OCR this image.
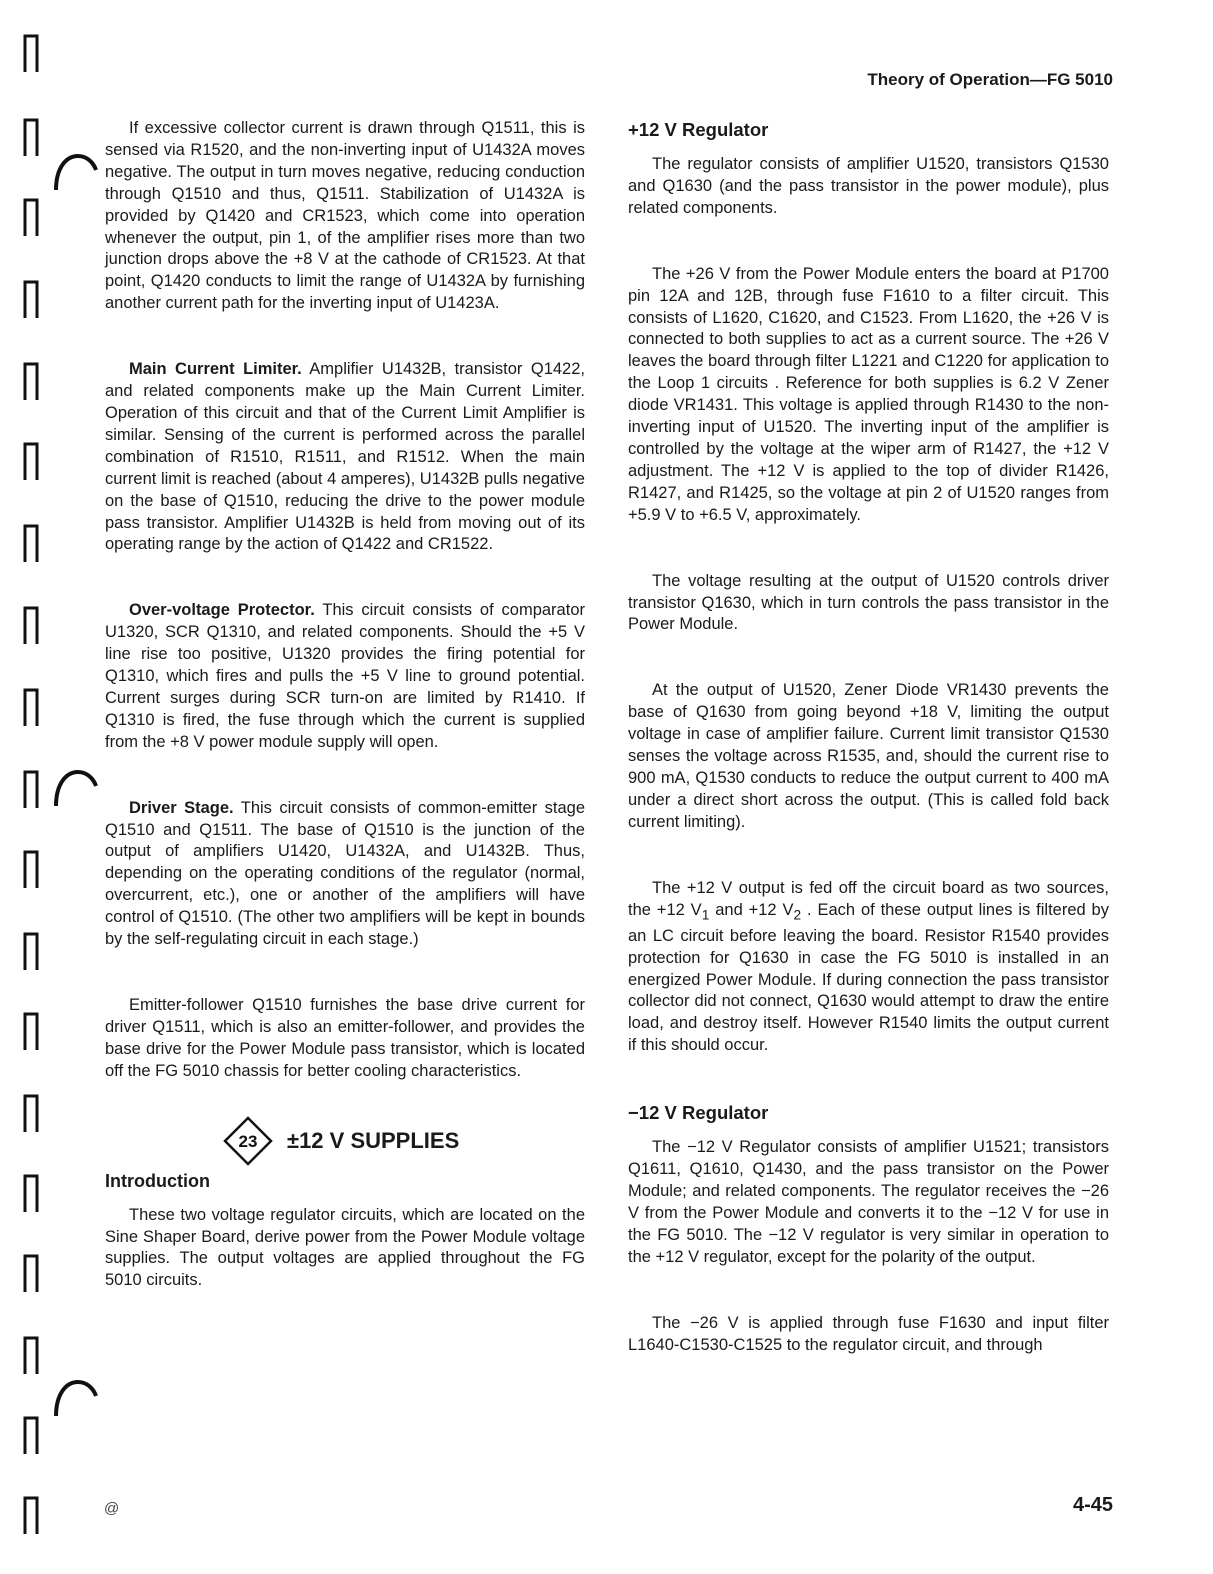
Theory of Operation—FG 5010

If excessive collector current is drawn through Q1511, this is sensed via R1520, and the non-inverting input of U1432A moves negative. The output in turn moves negative, reducing conduction through Q1510 and thus, Q1511. Stabilization of U1432A is provided by Q1420 and CR1523, which come into operation whenever the output, pin 1, of the amplifier rises more than two junction drops above the +8 V at the cathode of CR1523. At that point, Q1420 conducts to limit the range of U1432A by furnishing another current path for the inverting input of U1423A.

Main Current Limiter. Amplifier U1432B, transistor Q1422, and related components make up the Main Current Limiter. Operation of this circuit and that of the Current Limit Amplifier is similar. Sensing of the current is performed across the parallel combination of R1510, R1511, and R1512. When the main current limit is reached (about 4 amperes), U1432B pulls negative on the base of Q1510, reducing the drive to the power module pass transistor. Amplifier U1432B is held from moving out of its operating range by the action of Q1422 and CR1522.

Over-voltage Protector. This circuit consists of comparator U1320, SCR Q1310, and related components. Should the +5 V line rise too positive, U1320 provides the firing potential for Q1310, which fires and pulls the +5 V line to ground potential. Current surges during SCR turn-on are limited by R1410. If Q1310 is fired, the fuse through which the current is supplied from the +8 V power module supply will open.

Driver Stage. This circuit consists of common-emitter stage Q1510 and Q1511. The base of Q1510 is the junction of the output of amplifiers U1420, U1432A, and U1432B. Thus, depending on the operating conditions of the regulator (normal, overcurrent, etc.), one or another of the amplifiers will have control of Q1510. (The other two amplifiers will be kept in bounds by the self-regulating circuit in each stage.)

Emitter-follower Q1510 furnishes the base drive current for driver Q1511, which is also an emitter-follower, and provides the base drive for the Power Module pass transistor, which is located off the FG 5010 chassis for better cooling characteristics.

23 ±12 V SUPPLIES
Introduction

These two voltage regulator circuits, which are located on the Sine Shaper Board, derive power from the Power Module voltage supplies. The output voltages are applied throughout the FG 5010 circuits.

+12 V Regulator

The regulator consists of amplifier U1520, transistors Q1530 and Q1630 (and the pass transistor in the power module), plus related components.

The +26 V from the Power Module enters the board at P1700 pin 12A and 12B, through fuse F1610 to a filter circuit. This consists of L1620, C1620, and C1523. From L1620, the +26 V is connected to both supplies to act as a current source. The +26 V leaves the board through filter L1221 and C1220 for application to the Loop 1 circuits . Reference for both supplies is 6.2 V Zener diode VR1431. This voltage is applied through R1430 to the non-inverting input of U1520. The inverting input of the amplifier is controlled by the voltage at the wiper arm of R1427, the +12 V adjustment. The +12 V is applied to the top of divider R1426, R1427, and R1425, so the voltage at pin 2 of U1520 ranges from +5.9 V to +6.5 V, approximately.

The voltage resulting at the output of U1520 controls driver transistor Q1630, which in turn controls the pass transistor in the Power Module.

At the output of U1520, Zener Diode VR1430 prevents the base of Q1630 from going beyond +18 V, limiting the output voltage in case of amplifier failure. Current limit transistor Q1530 senses the voltage across R1535, and, should the current rise to 900 mA, Q1530 conducts to reduce the output current to 400 mA under a direct short across the output. (This is called fold back current limiting).

The +12 V output is fed off the circuit board as two sources, the +12 $V_1$ and +12 $V_2$ . Each of these output lines is filtered by an LC circuit before leaving the board. Resistor R1540 provides protection for Q1630 in case the FG 5010 is installed in an energized Power Module. If during connection the pass transistor collector did not connect, Q1630 would attempt to draw the entire load, and destroy itself. However R1540 limits the output current if this should occur.

−12 V Regulator

The −12 V Regulator consists of amplifier U1521; transistors Q1611, Q1610, Q1430, and the pass transistor on the Power Module; and related components. The regulator receives the −26 V from the Power Module and converts it to the −12 V for use in the FG 5010. The −12 V regulator is very similar in operation to the +12 V regulator, except for the polarity of the output.

The −26 V is applied through fuse F1630 and input filter L1640-C1530-C1525 to the regulator circuit, and through

@	4-45
